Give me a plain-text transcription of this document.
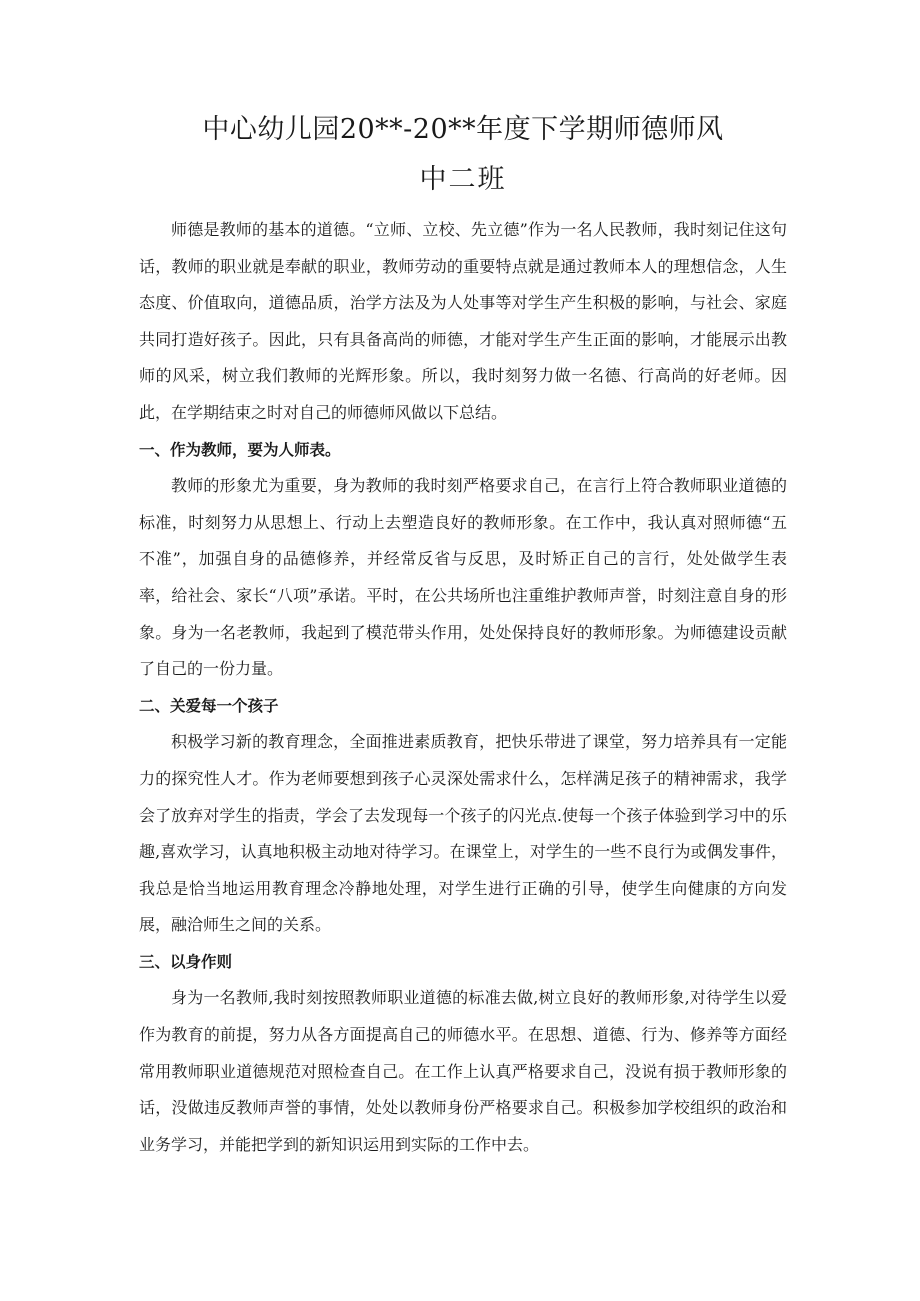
中心幼儿园20**-20**年度下学期师德师风
中二班

师德是教师的基本的道德。“立师、立校、先立德”作为一名人民教师，我时刻记住这句话，教师的职业就是奉献的职业，教师劳动的重要特点就是通过教师本人的理想信念，人生态度、价值取向，道德品质，治学方法及为人处事等对学生产生积极的影响，与社会、家庭共同打造好孩子。因此，只有具备高尚的师德，才能对学生产生正面的影响，才能展示出教师的风采，树立我们教师的光辉形象。所以，我时刻努力做一名德、行高尚的好老师。因此，在学期结束之时对自己的师德师风做以下总结。

一、作为教师，要为人师表。

教师的形象尤为重要，身为教师的我时刻严格要求自己，在言行上符合教师职业道德的标准，时刻努力从思想上、行动上去塑造良好的教师形象。在工作中，我认真对照师德“五不准”，加强自身的品德修养，并经常反省与反思，及时矫正自己的言行，处处做学生表率，给社会、家长“八项”承诺。平时，在公共场所也注重维护教师声誉，时刻注意自身的形象。身为一名老教师，我起到了模范带头作用，处处保持良好的教师形象。为师德建设贡献了自己的一份力量。

二、关爱每一个孩子

积极学习新的教育理念，全面推进素质教育，把快乐带进了课堂，努力培养具有一定能力的探究性人才。作为老师要想到孩子心灵深处需求什么，怎样满足孩子的精神需求，我学会了放弃对学生的指责，学会了去发现每一个孩子的闪光点.使每一个孩子体验到学习中的乐趣,喜欢学习，认真地积极主动地对待学习。在课堂上，对学生的一些不良行为或偶发事件，我总是恰当地运用教育理念冷静地处理，对学生进行正确的引导，使学生向健康的方向发展，融洽师生之间的关系。

三、以身作则

身为一名教师,我时刻按照教师职业道德的标准去做,树立良好的教师形象,对待学生以爱作为教育的前提，努力从各方面提高自己的师德水平。在思想、道德、行为、修养等方面经常用教师职业道德规范对照检查自己。在工作上认真严格要求自己，没说有损于教师形象的话，没做违反教师声誉的事情，处处以教师身份严格要求自己。积极参加学校组织的政治和业务学习，并能把学到的新知识运用到实际的工作中去。
